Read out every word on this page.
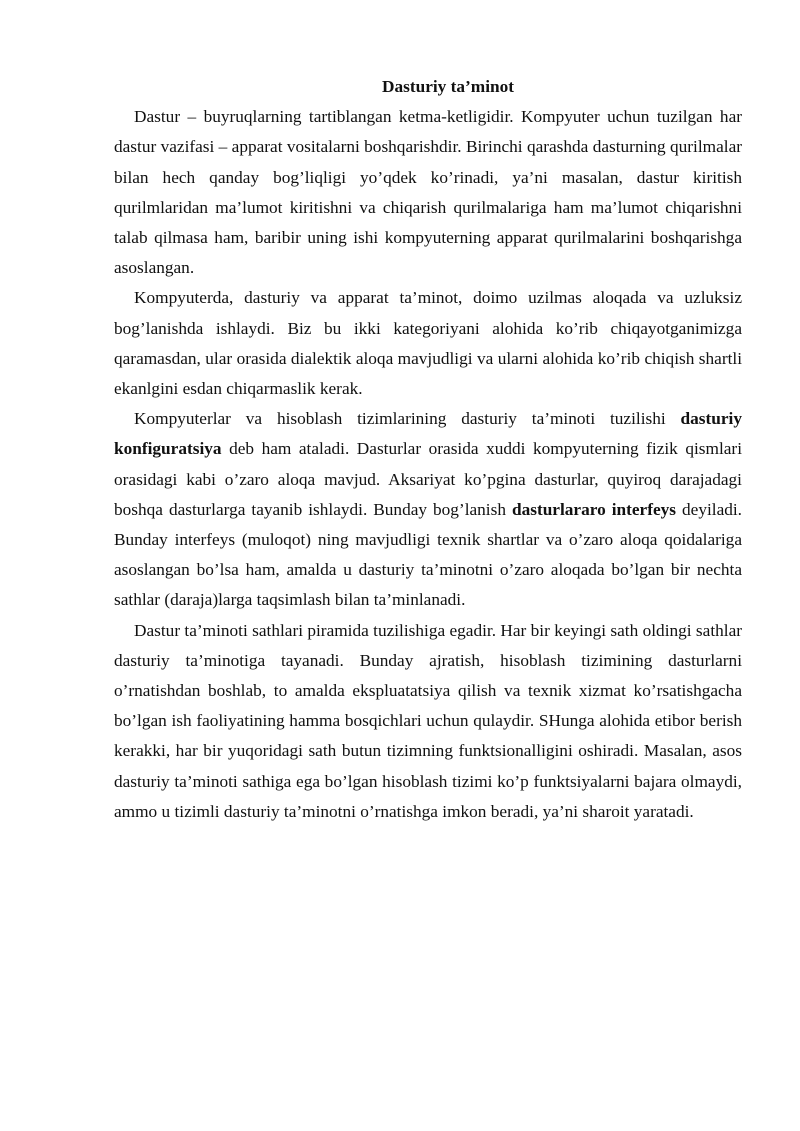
Dasturiy ta’minot

Dastur – buyruqlarning tartiblangan ketma-ketligidir. Kompyuter uchun tuzilgan har dastur vazifasi – apparat vositalarni boshqarishdir. Birinchi qarashda dasturning qurilmalar bilan hech qanday bog’liqligi yo’qdek ko’rinadi, ya’ni masalan, dastur kiritish qurilmlaridan ma’lumot kiritishni va chiqarish qurilmalariga ham ma’lumot chiqarishni talab qilmasa ham, baribir uning ishi kompyuterning apparat qurilmalarini boshqarishga asoslangan.

Kompyuterda, dasturiy va apparat ta’minot, doimo uzilmas aloqada va uzluksiz bog’lanishda ishlaydi. Biz bu ikki kategoriyani alohida ko’rib chiqayotganimizga qaramasdan, ular orasida dialektik aloqa mavjudligi va ularni alohida ko’rib chiqish shartli ekanlgini esdan chiqarmaslik kerak.

Kompyuterlar va hisoblash tizimlarining dasturiy ta’minoti tuzilishi dasturiy konfiguratsiya deb ham ataladi. Dasturlar orasida xuddi kompyuterning fizik qismlari orasidagi kabi o’zaro aloqa mavjud. Aksariyat ko’pgina dasturlar, quyiroq darajadagi boshqa dasturlarga tayanib ishlaydi. Bunday bog’lanish dasturlararo interfeys deyiladi. Bunday interfeys (muloqot) ning mavjudligi texnik shartlar va o’zaro aloqa qoidalariga asoslangan bo’lsa ham, amalda u dasturiy ta’minotni o’zaro aloqada bo’lgan bir nechta sathlar (daraja)larga taqsimlash bilan ta’minlanadi.

Dastur ta’minoti sathlari piramida tuzilishiga egadir. Har bir keyingi sath oldingi sathlar dasturiy ta’minotiga tayanadi. Bunday ajratish, hisoblash tizimining dasturlarni o’rnatishdan boshlab, to amalda ekspluatatsiya qilish va texnik xizmat ko’rsatishgacha bo’lgan ish faoliyatining hamma bosqichlari uchun qulaydir. SHunga alohida etibor berish kerakki, har bir yuqoridagi sath butun tizimning funktsionalligini oshiradi. Masalan, asos dasturiy ta’minoti sathiga ega bo’lgan hisoblash tizimi ko’p funktsiyalarni bajara olmaydi, ammo u tizimli dasturiy ta’minotni o’rnatishga imkon beradi, ya’ni sharoit yaratadi.
